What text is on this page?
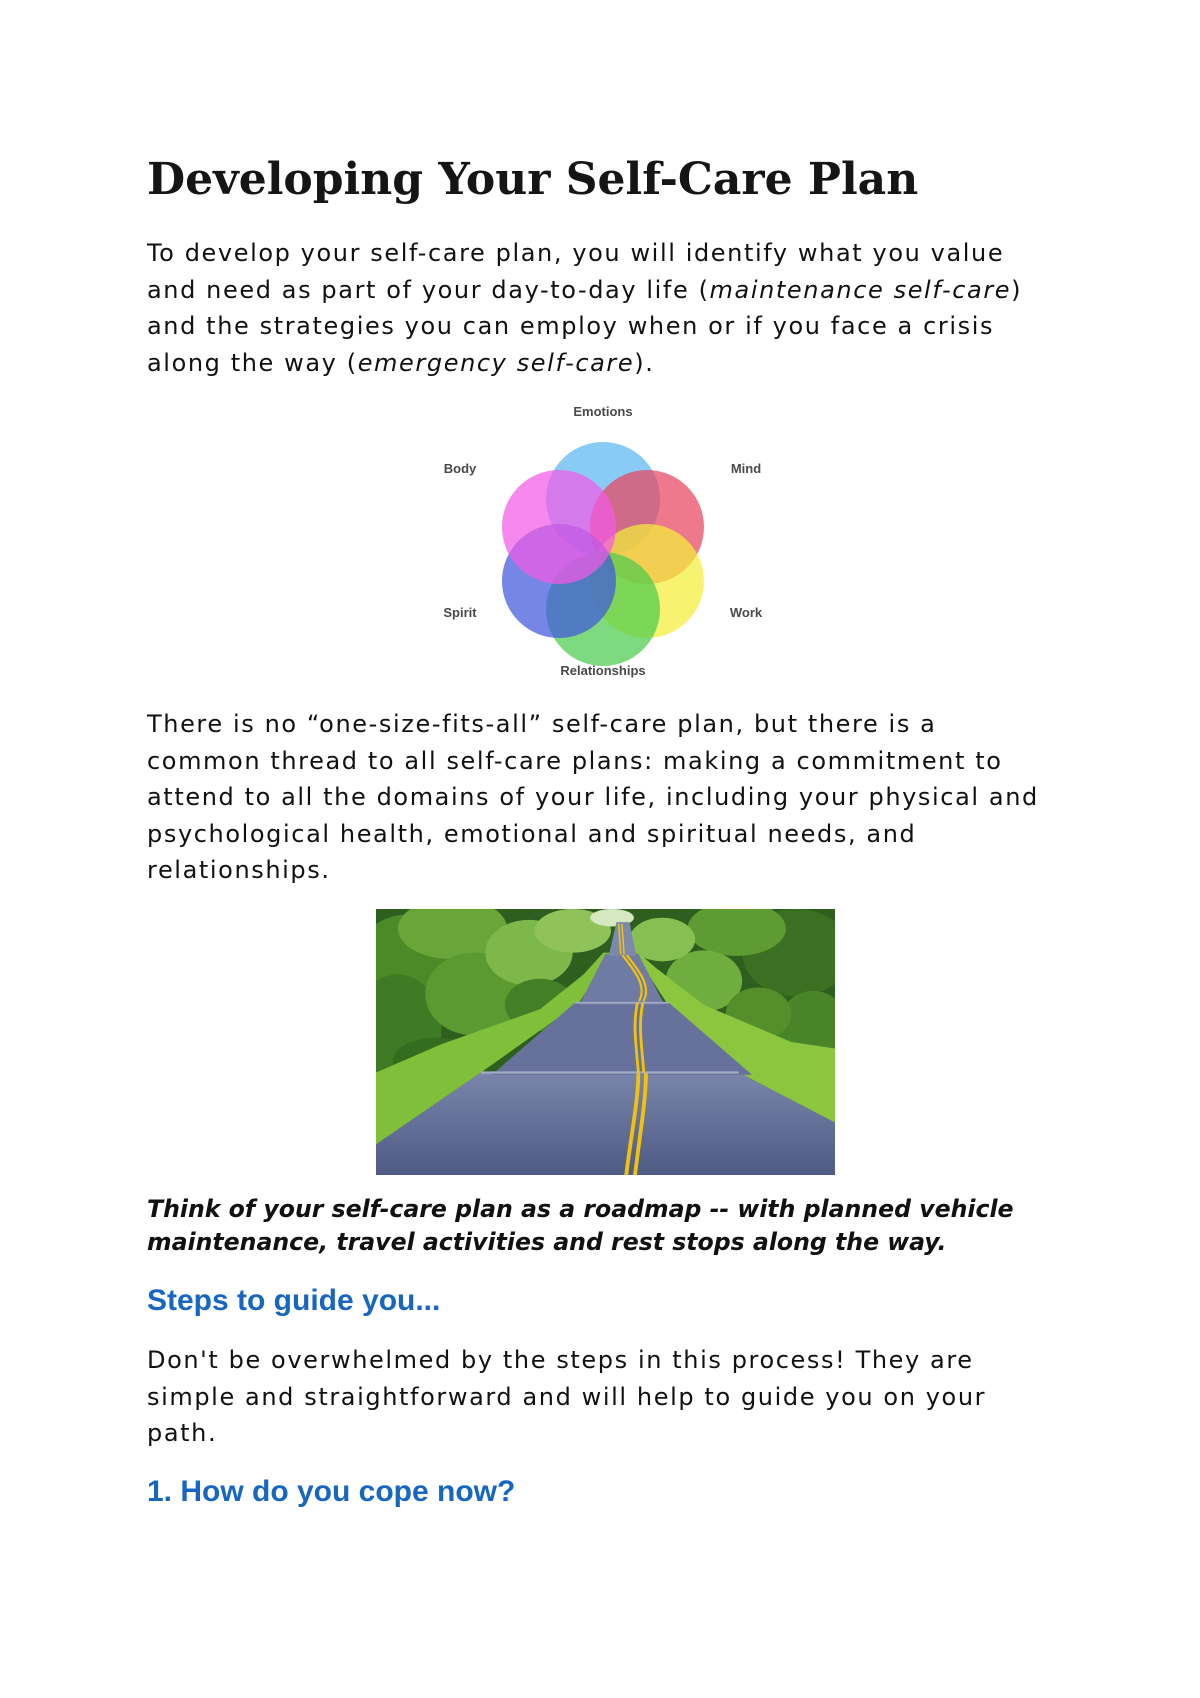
Developing Your Self-Care Plan

To develop your self-care plan, you will identify what you value and need as part of your day-to-day life (maintenance self-care) and the strategies you can employ when or if you face a crisis along the way (emergency self-care).

Emotions
Mind
Work
Relationships
Spirit
Body

There is no “one-size-fits-all” self-care plan, but there is a common thread to all self-care plans: making a commitment to attend to all the domains of your life, including your physical and psychological health, emotional and spiritual needs, and relationships.

Think of your self-care plan as a roadmap -- with planned vehicle maintenance, travel activities and rest stops along the way.

Steps to guide you...

Don't be overwhelmed by the steps in this process! They are simple and straightforward and will help to guide you on your path.

1. How do you cope now?
